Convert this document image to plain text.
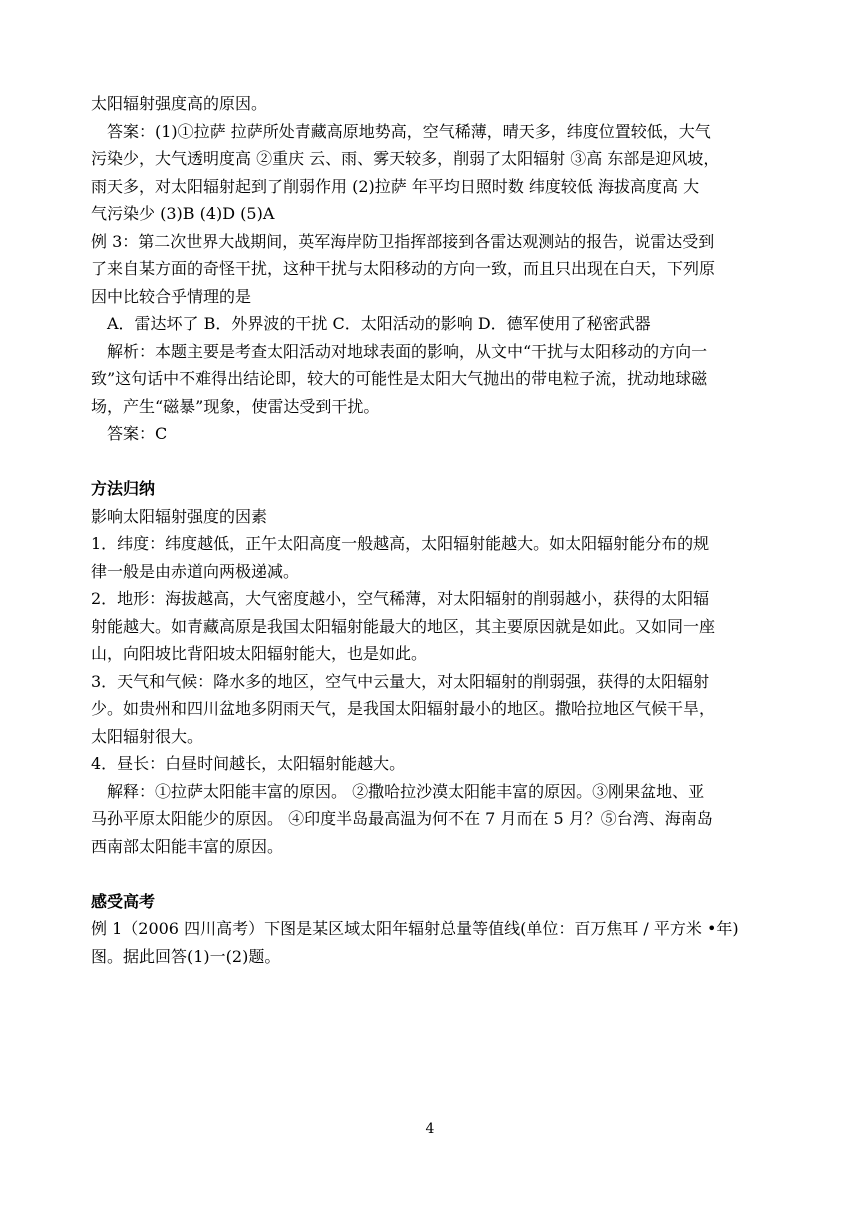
太阳辐射强度高的原因。
答案：(1)①拉萨 拉萨所处青藏高原地势高，空气稀薄，晴天多，纬度位置较低，大气
污染少，大气透明度高 ②重庆 云、雨、雾天较多，削弱了太阳辐射 ③高 东部是迎风坡，
雨天多，对太阳辐射起到了削弱作用 (2)拉萨 年平均日照时数 纬度较低 海拔高度高 大
气污染少 (3)B (4)D (5)A
例 3：第二次世界大战期间，英军海岸防卫指挥部接到各雷达观测站的报告，说雷达受到
了来自某方面的奇怪干扰，这种干扰与太阳移动的方向一致，而且只出现在白天，下列原
因中比较合乎情理的是
A．雷达坏了 B．外界波的干扰 C．太阳活动的影响 D．德军使用了秘密武器
解析：本题主要是考查太阳活动对地球表面的影响，从文中“干扰与太阳移动的方向一
致”这句话中不难得出结论即，较大的可能性是太阳大气抛出的带电粒子流，扰动地球磁
场，产生“磁暴”现象，使雷达受到干扰。
答案：C
方法归纳
影响太阳辐射强度的因素
1．纬度：纬度越低，正午太阳高度一般越高，太阳辐射能越大。如太阳辐射能分布的规
律一般是由赤道向两极递减。
2．地形：海拔越高，大气密度越小，空气稀薄，对太阳辐射的削弱越小，获得的太阳辐
射能越大。如青藏高原是我国太阳辐射能最大的地区，其主要原因就是如此。又如同一座
山，向阳坡比背阳坡太阳辐射能大，也是如此。
3．天气和气候：降水多的地区，空气中云量大，对太阳辐射的削弱强，获得的太阳辐射
少。如贵州和四川盆地多阴雨天气，是我国太阳辐射最小的地区。撒哈拉地区气候干旱，
太阳辐射很大。
4．昼长：白昼时间越长，太阳辐射能越大。
解释：①拉萨太阳能丰富的原因。 ②撒哈拉沙漠太阳能丰富的原因。③刚果盆地、亚
马孙平原太阳能少的原因。 ④印度半岛最高温为何不在 7 月而在 5 月？⑤台湾、海南岛
西南部太阳能丰富的原因。
感受高考
例 1（2006 四川高考）下图是某区域太阳年辐射总量等值线(单位：百万焦耳 / 平方米 •年)
图。据此回答(1)一(2)题。
4
